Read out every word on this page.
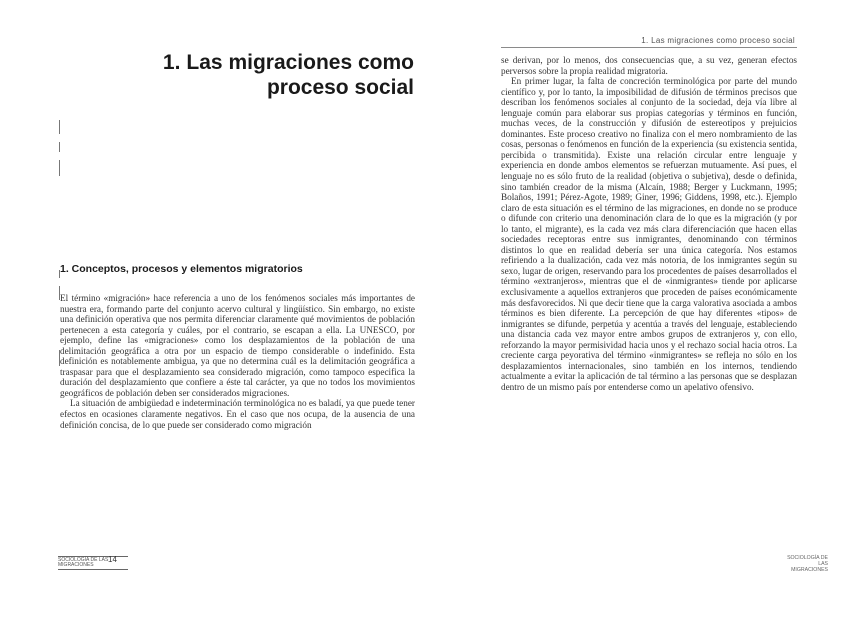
1. Las migraciones como
proceso social
1. Conceptos, procesos y elementos migratorios

El término «migración» hace referencia a uno de los fenómenos sociales más importantes de nuestra era, formando parte del conjunto acervo cultural y lingüístico. Sin embargo, no existe una definición operativa que nos permita diferenciar claramente qué movimientos de población pertenecen a esta categoría y cuáles, por el contrario, se escapan a ella. La UNESCO, por ejemplo, define las «migraciones» como los desplazamientos de la población de una delimitación geográfica a otra por un espacio de tiempo considerable o indefinido. Esta definición es notablemente ambigua, ya que no determina cuál es la delimitación geográfica a traspasar para que el desplazamiento sea considerado migración, como tampoco especifica la duración del desplazamiento que confiere a éste tal carácter, ya que no todos los movimientos geográficos de población deben ser considerados migraciones.

La situación de ambigüedad e indeterminación terminológica no es baladí, ya que puede tener efectos en ocasiones claramente negativos. En el caso que nos ocupa, de la ausencia de una definición concisa, de lo que puede ser considerado como migración

SOCIOLOGÍA DE LAS MIGRACIONES
14
1. Las migraciones como proceso social

se derivan, por lo menos, dos consecuencias que, a su vez, generan efectos perversos sobre la propia realidad migratoria.

En primer lugar, la falta de concreción terminológica por parte del mundo científico y, por lo tanto, la imposibilidad de difusión de términos precisos que describan los fenómenos sociales al conjunto de la sociedad, deja vía libre al lenguaje común para elaborar sus propias categorías y términos en función, muchas veces, de la construcción y difusión de estereotipos y prejuicios dominantes. Este proceso creativo no finaliza con el mero nombramiento de las cosas, personas o fenómenos en función de la experiencia (su existencia sentida, percibida o transmitida). Existe una relación circular entre lenguaje y experiencia en donde ambos elementos se refuerzan mutuamente. Así pues, el lenguaje no es sólo fruto de la realidad (objetiva o subjetiva), desde o definida, sino también creador de la misma (Alcaín, 1988; Berger y Luckmann, 1995; Bolaños, 1991; Pérez-Agote, 1989; Giner, 1996; Giddens, 1998, etc.). Ejemplo claro de esta situación es el término de las migraciones, en donde no se produce o difunde con criterio una denominación clara de lo que es la migración (y por lo tanto, el migrante), es la cada vez más clara diferenciación que hacen ellas sociedades receptoras entre sus inmigrantes, denominando con términos distintos lo que en realidad debería ser una única categoría. Nos estamos refiriendo a la dualización, cada vez más notoria, de los inmigrantes según su sexo, lugar de origen, reservando para los procedentes de países desarrollados el término «extranjeros», mientras que el de «inmigrantes» tiende por aplicarse exclusivamente a aquellos extranjeros que proceden de países económicamente más desfavorecidos. Ni que decir tiene que la carga valorativa asociada a ambos términos es bien diferente. La percepción de que hay diferentes «tipos» de inmigrantes se difunde, perpetúa y acentúa a través del lenguaje, estableciendo una distancia cada vez mayor entre ambos grupos de extranjeros y, con ello, reforzando la mayor permisividad hacia unos y el rechazo social hacia otros. La creciente carga peyorativa del término «inmigrantes» se refleja no sólo en los desplazamientos internacionales, sino también en los internos, tendiendo actualmente a evitar la aplicación de tal término a las personas que se desplazan dentro de un mismo país por entenderse como un apelativo ofensivo.

SOCIOLOGÍA DE LAS MIGRACIONES
